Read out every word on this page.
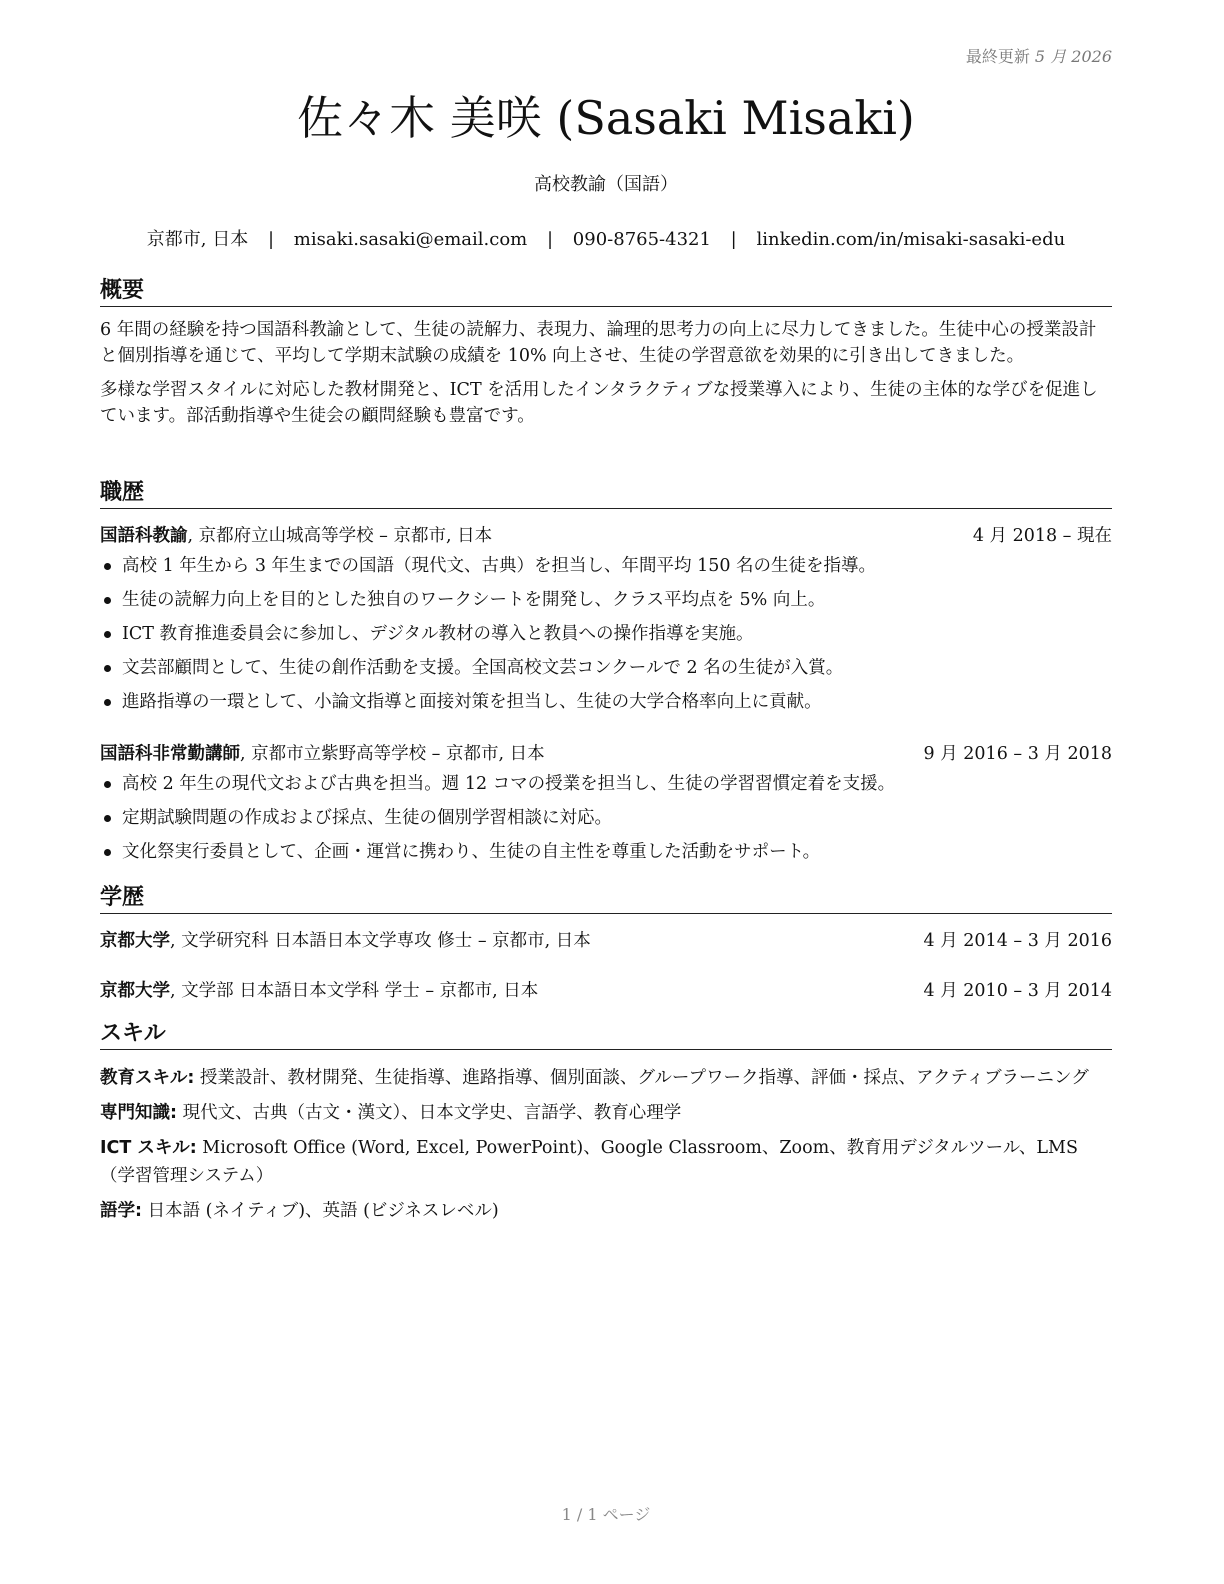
最終更新 5 月 2026
佐々木 美咲 (Sasaki Misaki)
高校教諭（国語）
京都市, 日本 | misaki.sasaki@email.com | 090-8765-4321 | linkedin.com/in/misaki-sasaki-edu
概要

6 年間の経験を持つ国語科教諭として、生徒の読解力、表現力、論理的思考力の向上に尽力してきました。生徒中心の授業設計と個別指導を通じて、平均して学期末試験の成績を 10% 向上させ、生徒の学習意欲を効果的に引き出してきました。

多様な学習スタイルに対応した教材開発と、ICT を活用したインタラクティブな授業導入により、生徒の主体的な学びを促進しています。部活動指導や生徒会の顧問経験も豊富です。

職歴
国語科教諭, 京都府立山城高等学校 – 京都市, 日本	4 月 2018 – 現在
高校 1 年生から 3 年生までの国語（現代文、古典）を担当し、年間平均 150 名の生徒を指導。
生徒の読解力向上を目的とした独自のワークシートを開発し、クラス平均点を 5% 向上。
ICT 教育推進委員会に参加し、デジタル教材の導入と教員への操作指導を実施。
文芸部顧問として、生徒の創作活動を支援。全国高校文芸コンクールで 2 名の生徒が入賞。
進路指導の一環として、小論文指導と面接対策を担当し、生徒の大学合格率向上に貢献。
国語科非常勤講師, 京都市立紫野高等学校 – 京都市, 日本	9 月 2016 – 3 月 2018
高校 2 年生の現代文および古典を担当。週 12 コマの授業を担当し、生徒の学習習慣定着を支援。
定期試験問題の作成および採点、生徒の個別学習相談に対応。
文化祭実行委員として、企画・運営に携わり、生徒の自主性を尊重した活動をサポート。
学歴
京都大学, 文学研究科 日本語日本文学専攻 修士 – 京都市, 日本	4 月 2014 – 3 月 2016
京都大学, 文学部 日本語日本文学科 学士 – 京都市, 日本	4 月 2010 – 3 月 2014
スキル

教育スキル: 授業設計、教材開発、生徒指導、進路指導、個別面談、グループワーク指導、評価・採点、アクティブラーニング

専門知識: 現代文、古典（古文・漢文）、日本文学史、言語学、教育心理学

ICT スキル: Microsoft Office (Word, Excel, PowerPoint)、Google Classroom、Zoom、教育用デジタルツール、LMS（学習管理システム）

語学: 日本語 (ネイティブ)、英語 (ビジネスレベル)

1 / 1 ページ
